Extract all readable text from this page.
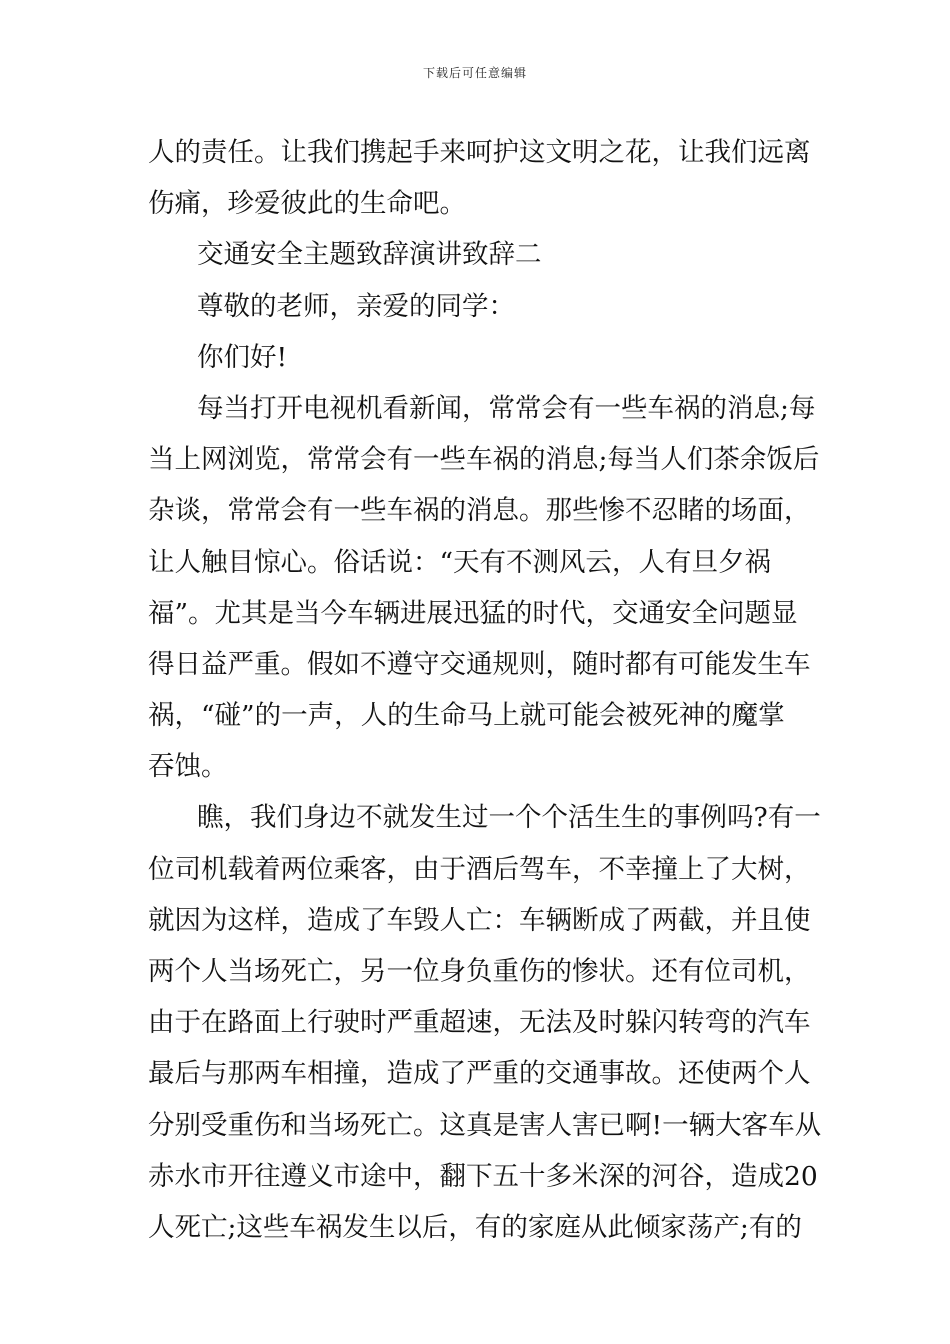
下载后可任意编辑
人的责任。让我们携起手来呵护这文明之花，让我们远离
伤痛，珍爱彼此的生命吧。
交通安全主题致辞演讲致辞二
尊敬的老师，亲爱的同学：
你们好!
每当打开电视机看新闻，常常会有一些车祸的消息;每
当上网浏览，常常会有一些车祸的消息;每当人们茶余饭后
杂谈，常常会有一些车祸的消息。那些惨不忍睹的场面，
让人触目惊心。俗话说：“天有不测风云，人有旦夕祸
福”。尤其是当今车辆进展迅猛的时代，交通安全问题显
得日益严重。假如不遵守交通规则，随时都有可能发生车
祸，“碰”的一声，人的生命马上就可能会被死神的魔掌
吞蚀。
瞧，我们身边不就发生过一个个活生生的事例吗?有一
位司机载着两位乘客，由于酒后驾车，不幸撞上了大树，
就因为这样，造成了车毁人亡：车辆断成了两截，并且使
两个人当场死亡，另一位身负重伤的惨状。还有位司机，
由于在路面上行驶时严重超速，无法及时躲闪转弯的汽车
最后与那两车相撞，造成了严重的交通事故。还使两个人
分别受重伤和当场死亡。这真是害人害已啊!一辆大客车从
赤水市开往遵义市途中，翻下五十多米深的河谷，造成20
人死亡;这些车祸发生以后，有的家庭从此倾家荡产;有的
